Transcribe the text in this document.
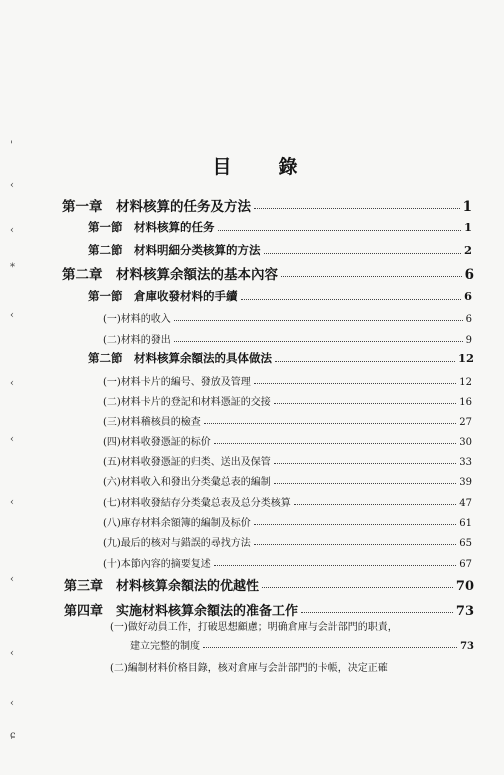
目　錄
第一章　材料核算的任务及方法	1
第一節　材料核算的任务	1
第二節　材料明細分类核算的方法	2
第二章　材料核算余額法的基本內容	6
第一節　倉庫收發材料的手續	6
(一)材料的收入	6
(二)材料的發出	9
第二節　材料核算余額法的具体做法	12
(一)材料卡片的編号、發放及管理	12
(二)材料卡片的登記和材料憑証的交接	16
(三)材料稽核員的檢查	27
(四)材料收發憑証的标价	30
(五)材料收發憑証的归类、送出及保管	33
(六)材料收入和發出分类彙总表的編制	39
(七)材料收發結存分类彙总表及总分类核算	47
(八)庫存材料余額簿的編制及标价	61
(九)最后的核对与錯誤的尋找方法	65
(十)本節內容的摘要复述	67
第三章　材料核算余額法的优越性	70
第四章　实施材料核算余額法的准备工作	73
(一)做好动員工作，打破思想顧慮；明确倉庫与会計部門的职責，
建立完整的制度	73
(二)編制材料价格目錄，核对倉庫与会計部門的卡帳，决定正確
'
‹
‹
*
‹
‹
‹
‹
‹
‹
‹
ɕ
